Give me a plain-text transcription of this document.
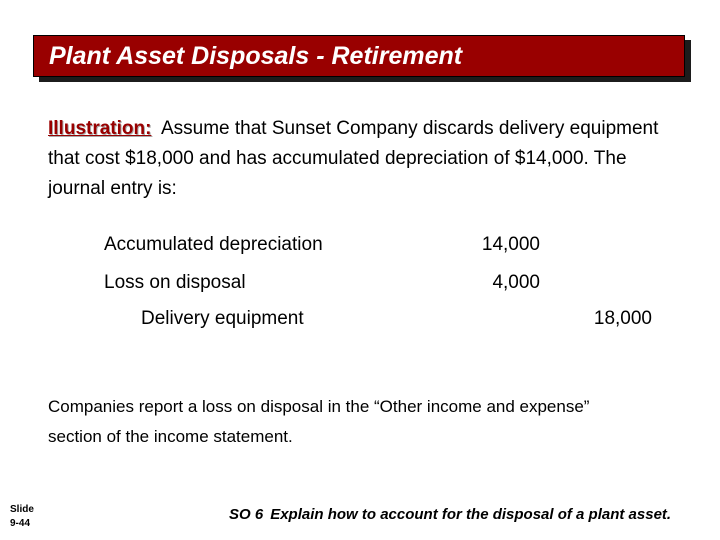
Plant Asset Disposals - Retirement
Illustration: Assume that Sunset Company discards delivery equipment that cost $18,000 and has accumulated depreciation of $14,000. The journal entry is:
Accumulated depreciation	14,000
Loss on disposal	4,000
Delivery equipment	18,000
Companies report a loss on disposal in the “Other income and expense” section of the income statement.
Slide
9-44
SO 6 Explain how to account for the disposal of a plant asset.
